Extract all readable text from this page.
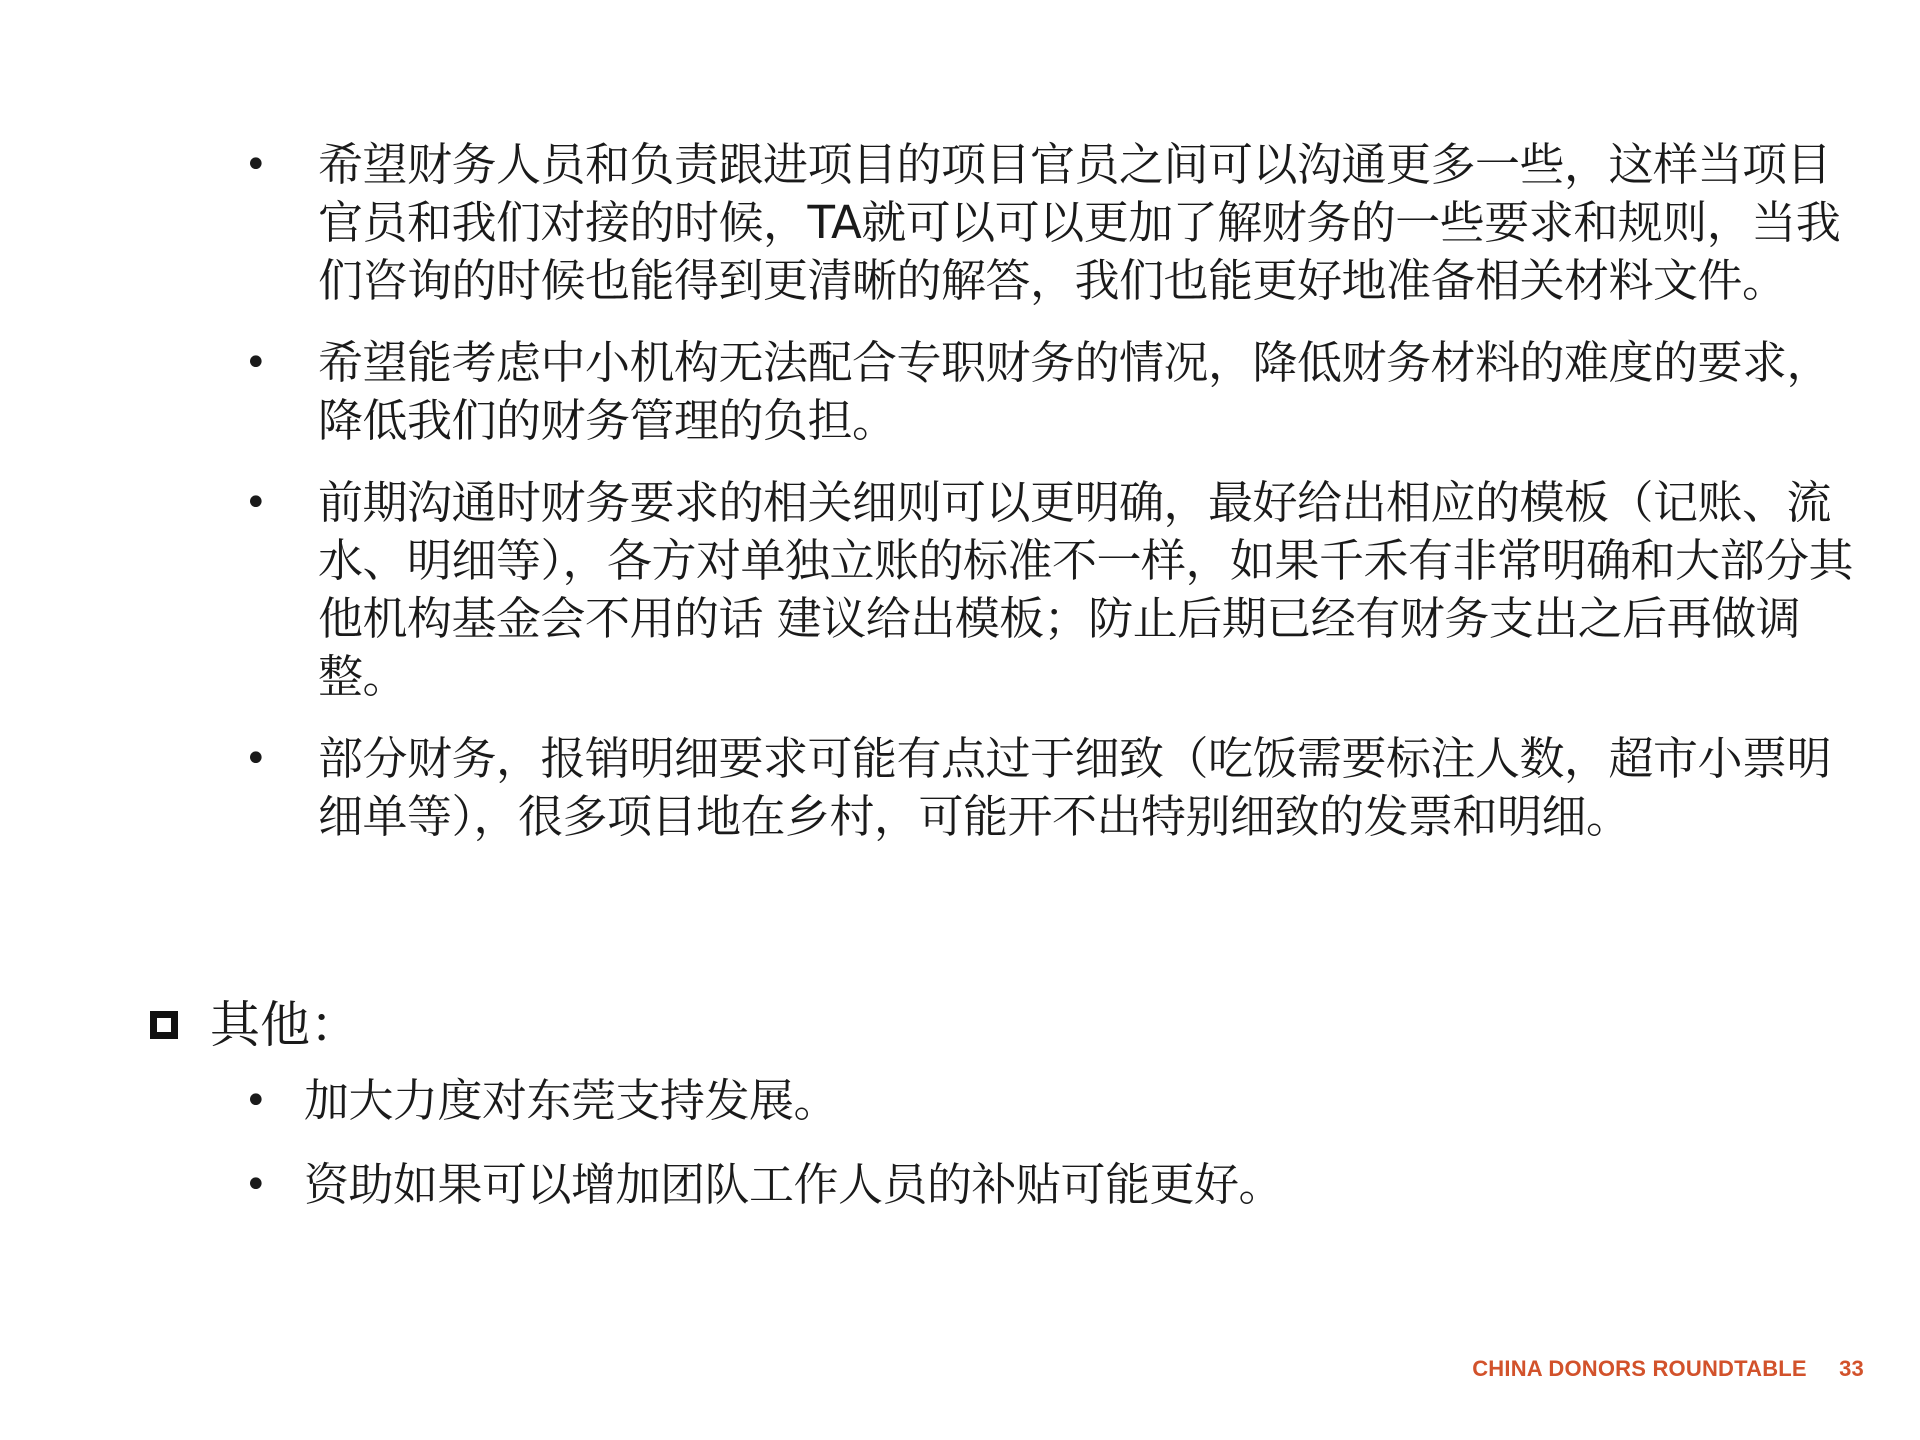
• 希望财务人员和负责跟进项目的项目官员之间可以沟通更多一些，这样当项目官员和我们对接的时候，TA就可以可以更加了解财务的一些要求和规则，当我们咨询的时候也能得到更清晰的解答，我们也能更好地准备相关材料文件。
• 希望能考虑中小机构无法配合专职财务的情况，降低财务材料的难度的要求，降低我们的财务管理的负担。
• 前期沟通时财务要求的相关细则可以更明确，最好给出相应的模板（记账、流水、明细等），各方对单独立账的标准不一样，如果千禾有非常明确和大部分其他机构基金会不用的话 建议给出模板；防止后期已经有财务支出之后再做调整。
• 部分财务，报销明细要求可能有点过于细致（吃饭需要标注人数，超市小票明细单等），很多项目地在乡村，可能开不出特别细致的发票和明细。
其他：
• 加大力度对东莞支持发展。
• 资助如果可以增加团队工作人员的补贴可能更好。
CHINA DONORS ROUNDTABLE 33
